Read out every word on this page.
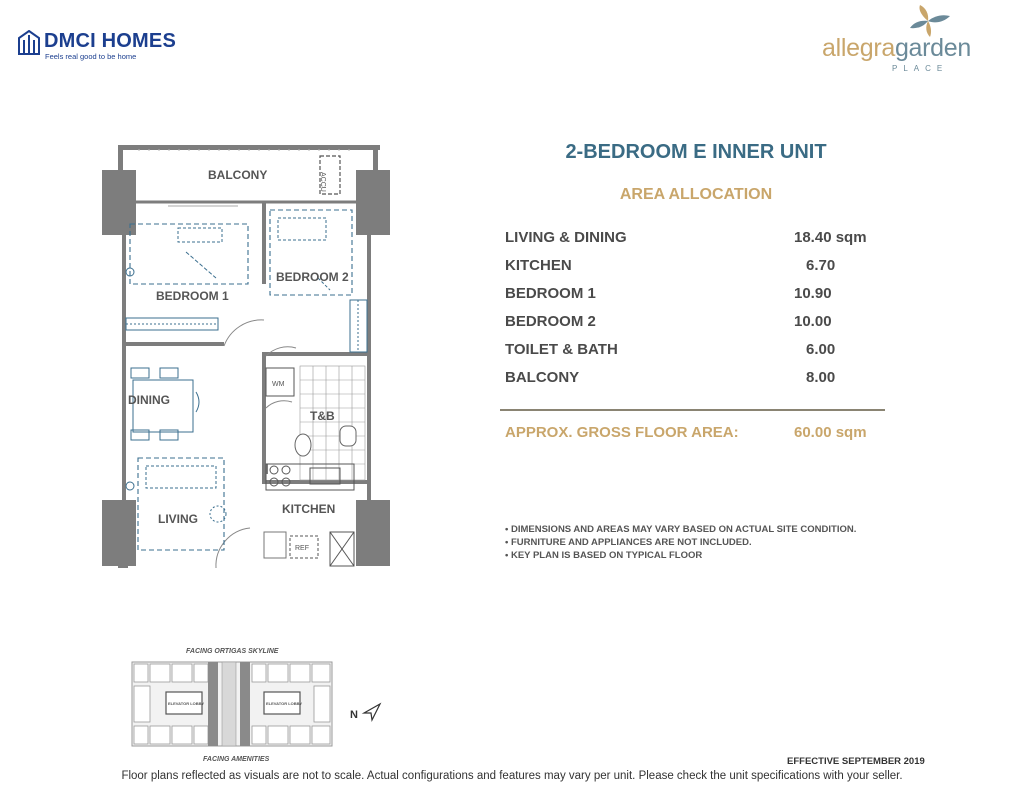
DMCI HOMES
Feels real good to be home	allegragarden
PLACE
BALCONY
BEDROOM 1
BEDROOM 2
DINING
LIVING
T&B
KITCHEN
ACCU
WM
REF
2-BEDROOM E INNER UNIT
AREA ALLOCATION
LIVING & DINING	18.40 sqm
KITCHEN	6.70
BEDROOM 1	10.90
BEDROOM 2	10.00
TOILET & BATH	6.00
BALCONY	8.00
APPROX. GROSS FLOOR AREA:	60.00 sqm
• DIMENSIONS AND AREAS MAY VARY BASED ON ACTUAL SITE CONDITION.
• FURNITURE AND APPLIANCES ARE NOT INCLUDED.
• KEY PLAN IS BASED ON TYPICAL FLOOR
FACING ORTIGAS SKYLINE
ELEVATOR LOBBY	ELEVATOR LOBBY
FACING AMENITIES
N
EFFECTIVE SEPTEMBER 2019
Floor plans reflected as visuals are not to scale. Actual configurations and features may vary per unit. Please check the unit specifications with your seller.
